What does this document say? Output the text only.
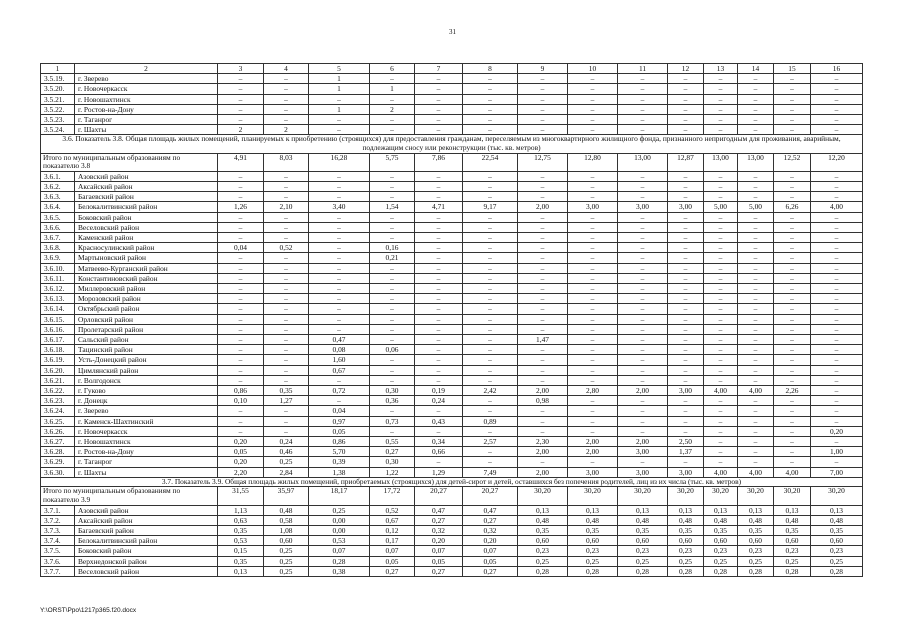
31
1	2	3	4	5	6	7	8	9	10	11	12	13	14	15	16
3.5.19.	г. Зверево	–	–	1	–	–	–	–	–	–	–	–	–	–	–
3.5.20.	г. Новочеркасск	–	–	1	1	–	–	–	–	–	–	–	–	–	–
3.5.21.	г. Новошахтинск	–	–	–	–	–	–	–	–	–	–	–	–	–	–
3.5.22.	г. Ростов-на-Дону	–	–	1	2	–	–	–	–	–	–	–	–	–	–
3.5.23.	г. Таганрог	–	–	–	–	–	–	–	–	–	–	–	–	–	–
3.5.24.	г. Шахты	2	2	–	–	–	–	–	–	–	–	–	–	–	–
3.6. Показатель 3.8. Общая площадь жилых помещений, планируемых к приобретению (строящихся) для предоставления гражданам, переселяемым из многоквартирного жилищного фонда, признанного непригодным для проживания, аварийным, подлежащим сносу или реконструкции (тыс. кв. метров)															
Итого по муниципальным образованиям по показателю 3.8		4,91	8,03	16,28	5,75	7,86	22,54	12,75	12,80	13,00	12,87	13,00	13,00	12,52	12,20
3.6.1.	Азовский район	–	–	–	–	–	–	–	–	–	–	–	–	–	–
3.6.2.	Аксайский район	–	–	–	–	–	–	–	–	–	–	–	–	–	–
3.6.3.	Багаевский район	–	–	–	–	–	–	–	–	–	–	–	–	–	–
3.6.4.	Белокалитвинский район	1,26	2,10	3,40	1,54	4,71	9,17	2,00	3,00	3,00	3,00	5,00	5,00	6,26	4,00
3.6.5.	Боковский район	–	–	–	–	–	–	–	–	–	–	–	–	–	–
3.6.6.	Веселовский район	–	–	–	–	–	–	–	–	–	–	–	–	–	–
3.6.7.	Каменский район	–	–	–	–	–	–	–	–	–	–	–	–	–	–
3.6.8.	Красносулинский район	0,04	0,52	–	0,16	–	–	–	–	–	–	–	–	–	–
3.6.9.	Мартыновский район	–	–	–	0,21	–	–	–	–	–	–	–	–	–	–
3.6.10.	Матвеево-Курганский район	–	–	–	–	–	–	–	–	–	–	–	–	–	–
3.6.11.	Константиновский район	–	–	–	–	–	–	–	–	–	–	–	–	–	–
3.6.12.	Миллеровский район	–	–	–	–	–	–	–	–	–	–	–	–	–	–
3.6.13.	Морозовский район	–	–	–	–	–	–	–	–	–	–	–	–	–	–
3.6.14.	Октябрьский район	–	–	–	–	–	–	–	–	–	–	–	–	–	–
3.6.15.	Орловский район	–	–	–	–	–	–	–	–	–	–	–	–	–	–
3.6.16.	Пролетарский район	–	–	–	–	–	–	–	–	–	–	–	–	–	–
3.6.17.	Сальский район	–	–	0,47	–	–	–	1,47	–	–	–	–	–	–	–
3.6.18.	Тацинский район	–	–	0,08	0,06	–	–	–	–	–	–	–	–	–	–
3.6.19.	Усть-Донецкий район	–	–	1,60	–	–	–	–	–	–	–	–	–	–	–
3.6.20.	Цимлянский район	–	–	0,67	–	–	–	–	–	–	–	–	–	–	–
3.6.21.	г. Волгодонск	–	–	–	–	–	–	–	–	–	–	–	–	–	–
3.6.22.	г. Гуково	0,86	0,35	0,72	0,30	0,19	2,42	2,00	2,80	2,00	3,00	4,00	4,00	2,26	–
3.6.23.	г. Донецк	0,10	1,27	–	0,36	0,24	–	0,98	–	–	–	–	–	–	–
3.6.24.	г. Зверево	–	–	0,04	–	–	–	–	–	–	–	–	–	–	–
3.6.25.	г. Каменск-Шахтинский	–	–	0,97	0,73	0,43	0,89	–	–	–	–	–	–	–	–
3.6.26.	г. Новочеркасск	–	–	0,05	–	–	–	–	–	–	–	–	–	–	0,20
3.6.27.	г. Новошахтинск	0,20	0,24	0,86	0,55	0,34	2,57	2,30	2,00	2,00	2,50	–	–	–	–
3.6.28.	г. Ростов-на-Дону	0,05	0,46	5,70	0,27	0,66	–	2,00	2,00	3,00	1,37	–	–	–	1,00
3.6.29.	г. Таганрог	0,20	0,25	0,39	0,30	–	–	–	–	–	–	–	–	–	–
3.6.30.	г. Шахты	2,20	2,84	1,38	1,22	1,29	7,49	2,00	3,00	3,00	3,00	4,00	4,00	4,00	7,00
3.7. Показатель 3.9. Общая площадь жилых помещений, приобретаемых (строящихся) для детей-сирот и детей, оставшихся без попечения родителей, лиц из их числа (тыс. кв. метров)															
Итого по муниципальным образованиям по показателю 3.9		31,55	35,97	18,17	17,72	20,27	20,27	30,20	30,20	30,20	30,20	30,20	30,20	30,20	30,20
3.7.1.	Азовский район	1,13	0,48	0,25	0,52	0,47	0,47	0,13	0,13	0,13	0,13	0,13	0,13	0,13	0,13
3.7.2.	Аксайский район	0,63	0,58	0,00	0,67	0,27	0,27	0,48	0,48	0,48	0,48	0,48	0,48	0,48	0,48
3.7.3.	Багаевский район	0,35	1,08	0,00	0,12	0,32	0,32	0,35	0,35	0,35	0,35	0,35	0,35	0,35	0,35
3.7.4.	Белокалитвинский район	0,53	0,60	0,53	0,17	0,20	0,20	0,60	0,60	0,60	0,60	0,60	0,60	0,60	0,60
3.7.5.	Боковский район	0,15	0,25	0,07	0,07	0,07	0,07	0,23	0,23	0,23	0,23	0,23	0,23	0,23	0,23
3.7.6.	Верхнедонской район	0,35	0,25	0,28	0,05	0,05	0,05	0,25	0,25	0,25	0,25	0,25	0,25	0,25	0,25
3.7.7.	Веселовский район	0,13	0,25	0,38	0,27	0,27	0,27	0,28	0,28	0,28	0,28	0,28	0,28	0,28	0,28
Y:\ORST\Ppo\1217p365.f20.docx
